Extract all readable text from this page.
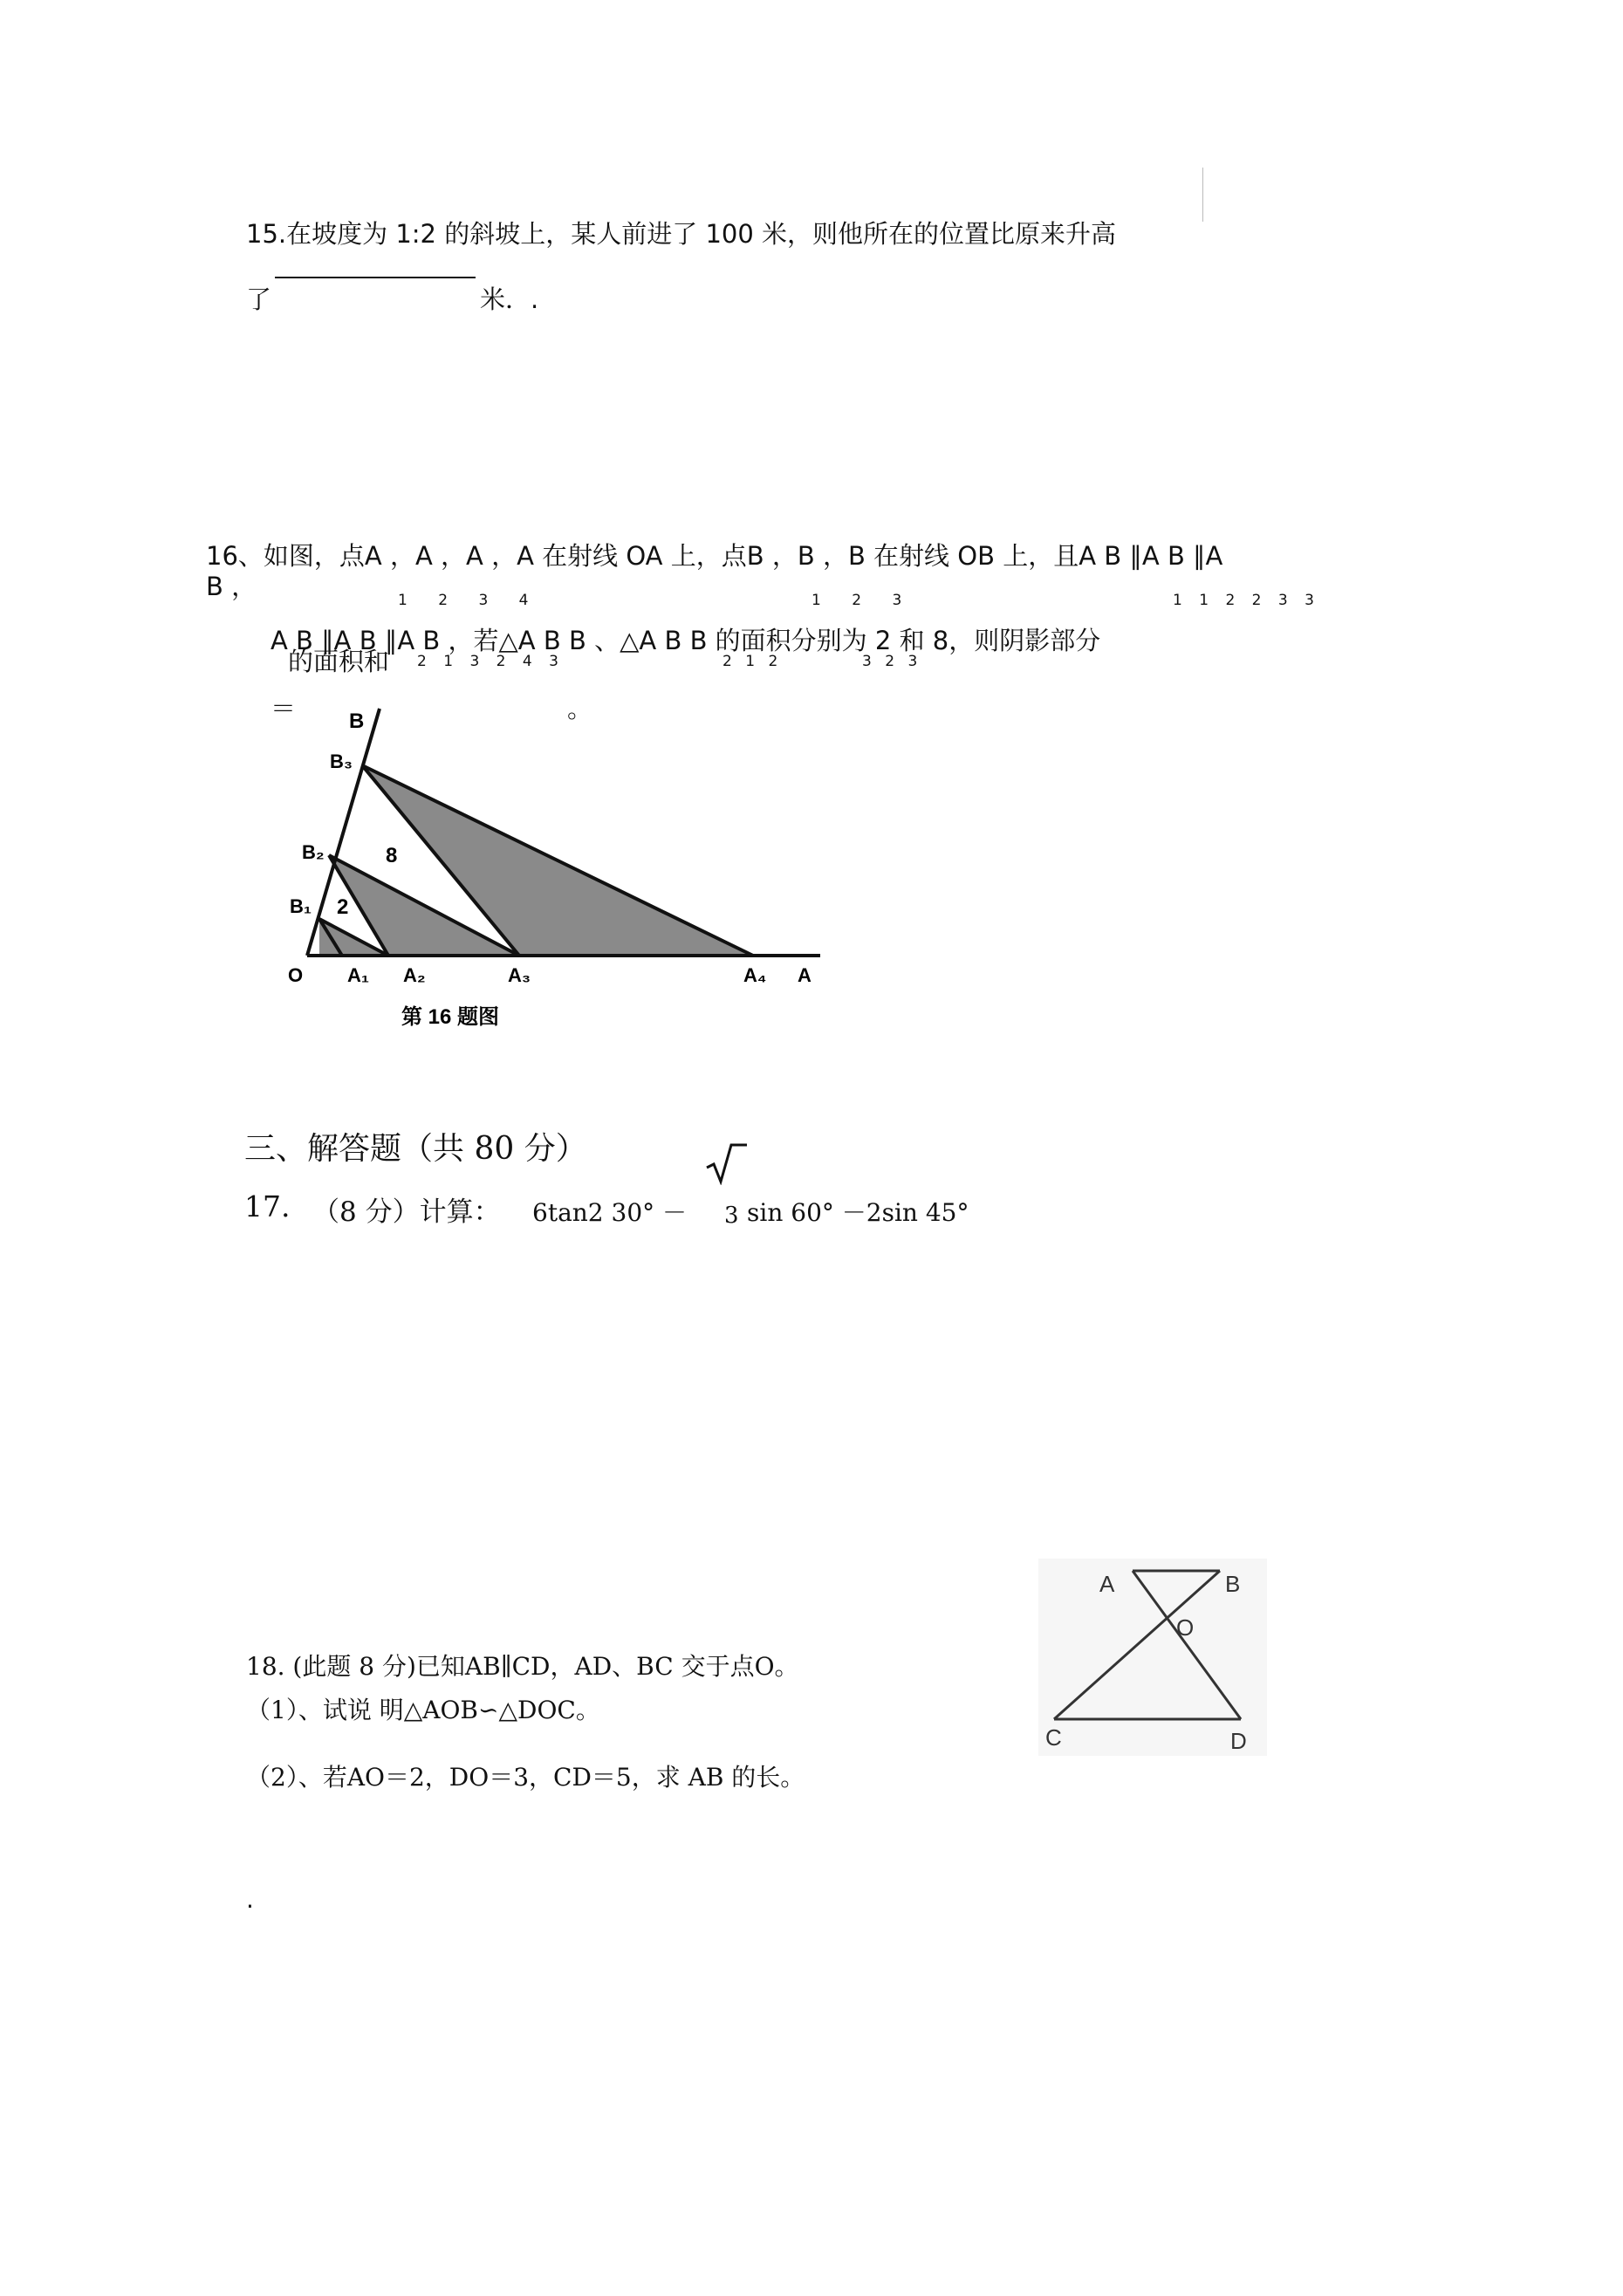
15.在坡度为 1:2 的斜坡上，某人前进了 100 米，则他所在的位置比原来升高
了	米．.
16、如图，点A ，A ，A ，A 在射线 OA 上，点B ，B ，B 在射线 OB 上，且A B ∥A B ∥A
B ，	1 2 3 4	1 2 3	1 1 2 2 3 3
A B ∥A B ∥A B ，若△A B B 、△A B B 的面积分别为 2 和 8，则阴影部分
的面积和 2 1 3 2 4 3	2 1 2	3 2 3
＝	。
B
B₃
B₂
B₁ 2
8
O A₁ A₂	A₃	A₄ A
第 16 题图
三、解答题（共 80 分）
17. （8 分）计算： 6tan2 30° － 3 sin 60° －2sin 45°
18. (此题 8 分)已知AB∥CD，AD、BC 交于点O。
（1）、试说 明△AOB∽△DOC。
（2）、若AO＝2，DO＝3，CD＝5，求 AB 的长。
A	B
O
C	D
.
